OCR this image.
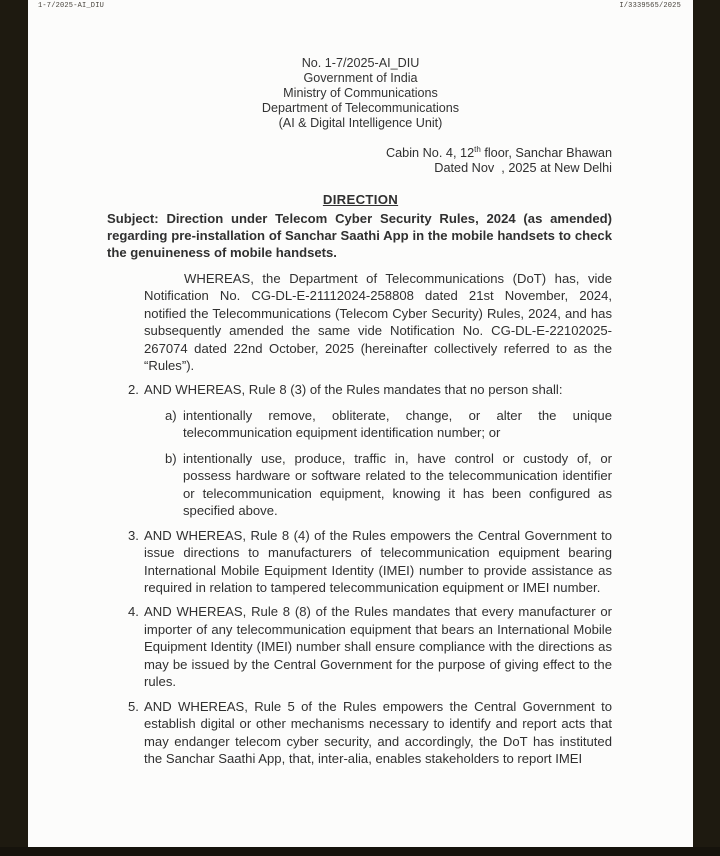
1-7/2025-AI_DIU	I/3339565/2025
No. 1-7/2025-AI_DIU
Government of India
Ministry of Communications
Department of Telecommunications
(AI & Digital Intelligence Unit)
Cabin No. 4, 12th floor, Sanchar Bhawan
Dated Nov  , 2025 at New Delhi
DIRECTION
Subject: Direction under Telecom Cyber Security Rules, 2024 (as amended) regarding pre-installation of Sanchar Saathi App in the mobile handsets to check the genuineness of mobile handsets.
WHEREAS, the Department of Telecommunications (DoT) has, vide Notification No. CG-DL-E-21112024-258808 dated 21st November, 2024, notified the Telecommunications (Telecom Cyber Security) Rules, 2024, and has subsequently amended the same vide Notification No. CG-DL-E-22102025-267074 dated 22nd October, 2025 (hereinafter collectively referred to as the “Rules”).
2. AND WHEREAS, Rule 8 (3) of the Rules mandates that no person shall:
a) intentionally remove, obliterate, change, or alter the unique telecommunication equipment identification number; or
b) intentionally use, produce, traffic in, have control or custody of, or possess hardware or software related to the telecommunication identifier or telecommunication equipment, knowing it has been configured as specified above.
3. AND WHEREAS, Rule 8 (4) of the Rules empowers the Central Government to issue directions to manufacturers of telecommunication equipment bearing International Mobile Equipment Identity (IMEI) number to provide assistance as required in relation to tampered telecommunication equipment or IMEI number.
4. AND WHEREAS, Rule 8 (8) of the Rules mandates that every manufacturer or importer of any telecommunication equipment that bears an International Mobile Equipment Identity (IMEI) number shall ensure compliance with the directions as may be issued by the Central Government for the purpose of giving effect to the rules.
5. AND WHEREAS, Rule 5 of the Rules empowers the Central Government to establish digital or other mechanisms necessary to identify and report acts that may endanger telecom cyber security, and accordingly, the DoT has instituted the Sanchar Saathi App, that, inter-alia, enables stakeholders to report IMEI
